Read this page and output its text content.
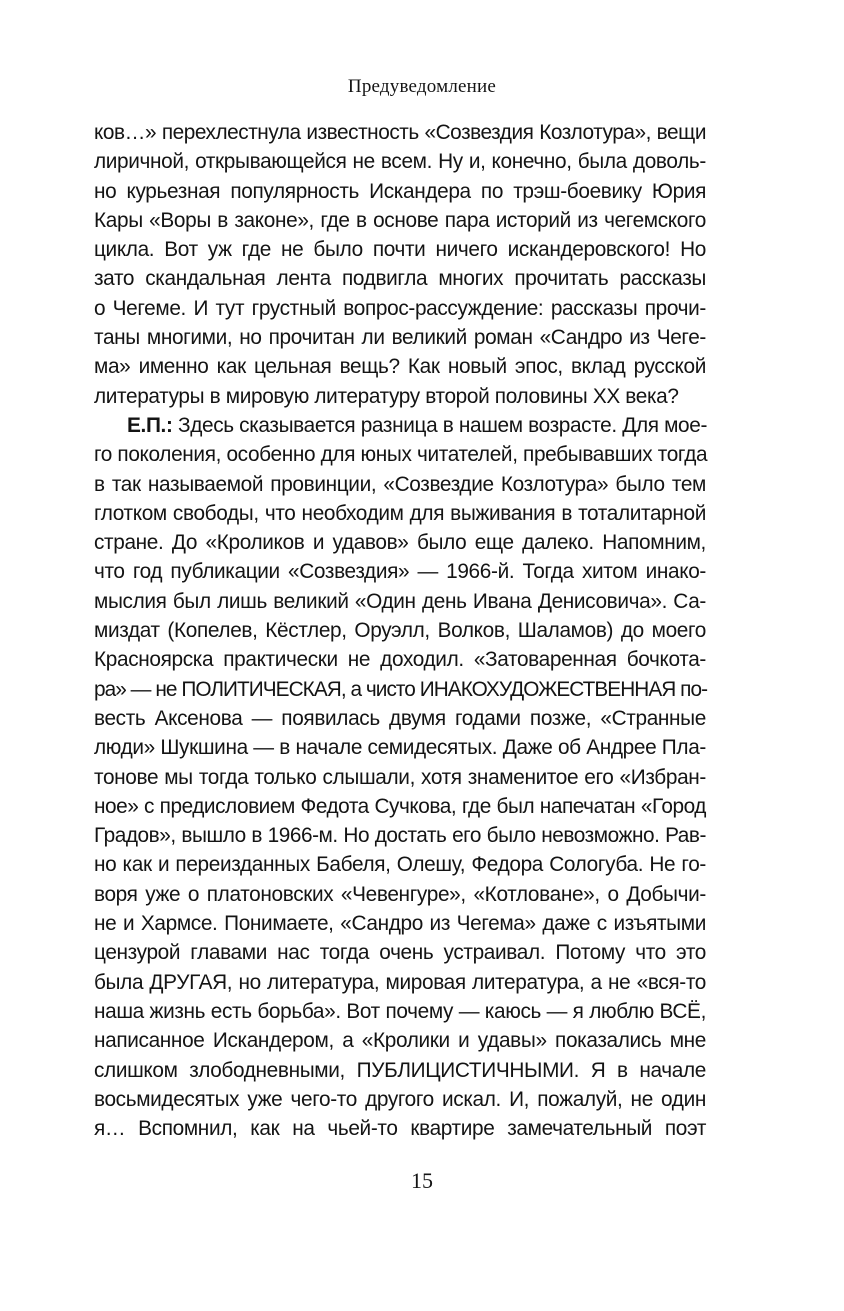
Предуведомление
ков…» перехлестнула известность «Созвездия Козлотура», вещи
лиричной, открывающейся не всем. Ну и, конечно, была доволь-
но курьезная популярность Искандера по трэш-боевику Юрия
Кары «Воры в законе», где в основе пара историй из чегемского
цикла. Вот уж где не было почти ничего искандеровского! Но
зато скандальная лента подвигла многих прочитать рассказы
о Чегеме. И тут грустный вопрос-рассуждение: рассказы прочи-
таны многими, но прочитан ли великий роман «Сандро из Чеге-
ма» именно как цельная вещь? Как новый эпос, вклад русской
литературы в мировую литературу второй половины XX века?
Е.П.: Здесь сказывается разница в нашем возрасте. Для мое-
го поколения, особенно для юных читателей, пребывавших тогда
в так называемой провинции, «Созвездие Козлотура» было тем
глотком свободы, что необходим для выживания в тоталитарной
стране. До «Кроликов и удавов» было еще далеко. Напомним,
что год публикации «Созвездия» — 1966-й. Тогда хитом инако-
мыслия был лишь великий «Один день Ивана Денисовича». Са-
миздат (Копелев, Кёстлер, Оруэлл, Волков, Шаламов) до моего
Красноярска практически не доходил. «Затоваренная бочкота-
ра» — не ПОЛИТИЧЕСКАЯ, а чисто ИНАКОХУДОЖЕСТВЕННАЯ по-
весть Аксенова — появилась двумя годами позже, «Странные
люди» Шукшина — в начале семидесятых. Даже об Андрее Пла-
тонове мы тогда только слышали, хотя знаменитое его «Избран-
ное» с предисловием Федота Сучкова, где был напечатан «Город
Градов», вышло в 1966-м. Но достать его было невозможно. Рав-
но как и переизданных Бабеля, Олешу, Федора Сологуба. Не го-
воря уже о платоновских «Чевенгуре», «Котловане», о Добычи-
не и Хармсе. Понимаете, «Сандро из Чегема» даже с изъятыми
цензурой главами нас тогда очень устраивал. Потому что это
была ДРУГАЯ, но литература, мировая литература, а не «вся-то
наша жизнь есть борьба». Вот почему — каюсь — я люблю ВСЁ,
написанное Искандером, а «Кролики и удавы» показались мне
слишком злободневными, ПУБЛИЦИСТИЧНЫМИ. Я в начале
восьмидесятых уже чего-то другого искал. И, пожалуй, не один
я… Вспомнил, как на чьей-то квартире замечательный поэт
15
